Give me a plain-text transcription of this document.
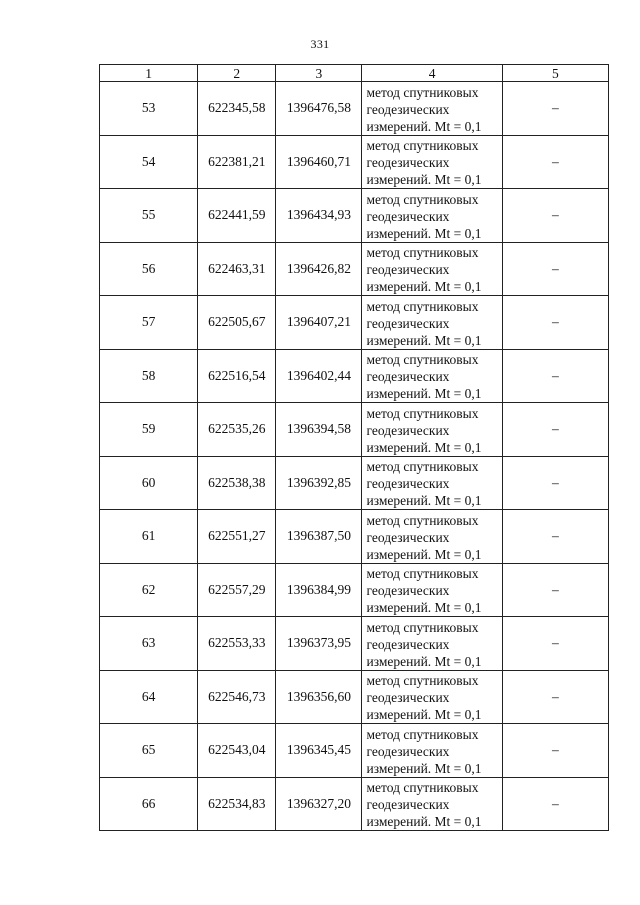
331
1	2	3	4	5
53	622345,58	1396476,58	метод спутниковых
геодезических
измерений. Mt = 0,1	–
54	622381,21	1396460,71	метод спутниковых
геодезических
измерений. Mt = 0,1	–
55	622441,59	1396434,93	метод спутниковых
геодезических
измерений. Mt = 0,1	–
56	622463,31	1396426,82	метод спутниковых
геодезических
измерений. Mt = 0,1	–
57	622505,67	1396407,21	метод спутниковых
геодезических
измерений. Mt = 0,1	–
58	622516,54	1396402,44	метод спутниковых
геодезических
измерений. Mt = 0,1	–
59	622535,26	1396394,58	метод спутниковых
геодезических
измерений. Mt = 0,1	–
60	622538,38	1396392,85	метод спутниковых
геодезических
измерений. Mt = 0,1	–
61	622551,27	1396387,50	метод спутниковых
геодезических
измерений. Mt = 0,1	–
62	622557,29	1396384,99	метод спутниковых
геодезических
измерений. Mt = 0,1	–
63	622553,33	1396373,95	метод спутниковых
геодезических
измерений. Mt = 0,1	–
64	622546,73	1396356,60	метод спутниковых
геодезических
измерений. Mt = 0,1	–
65	622543,04	1396345,45	метод спутниковых
геодезических
измерений. Mt = 0,1	–
66	622534,83	1396327,20	метод спутниковых
геодезических
измерений. Mt = 0,1	–
